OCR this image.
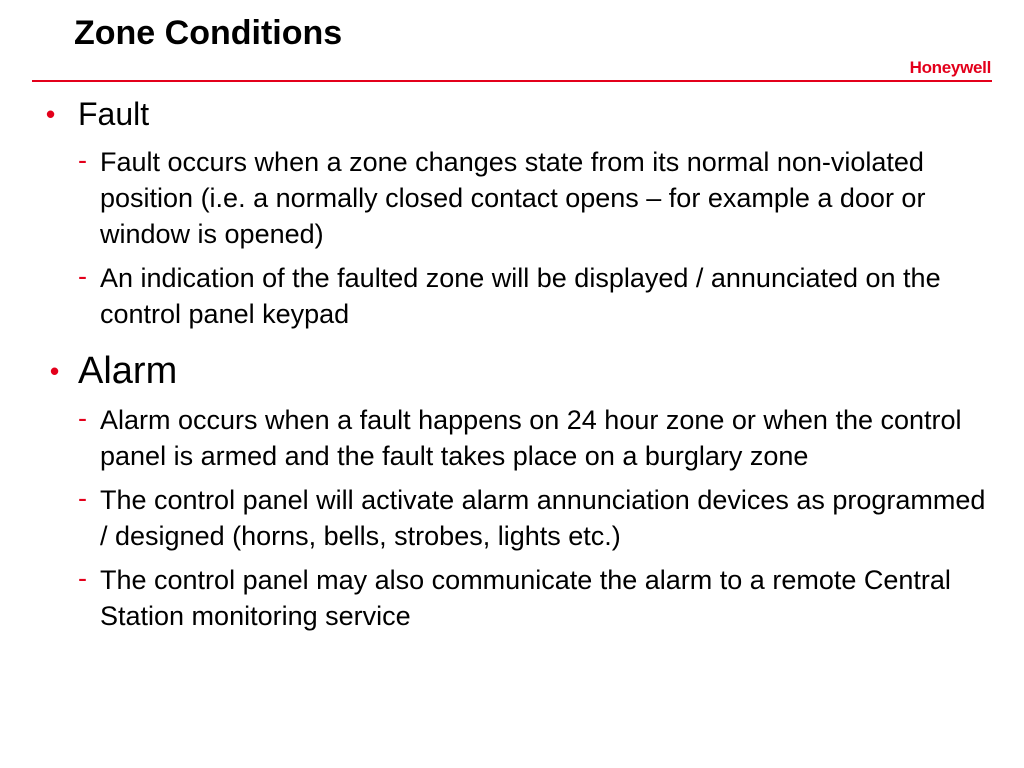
Zone Conditions
Honeywell
• Fault
- Fault occurs when a zone changes state from its normal non-violated position (i.e. a normally closed contact opens – for example a door or window is opened)
- An indication of the faulted zone will be displayed / annunciated on the control panel keypad
• Alarm
- Alarm occurs when a fault happens on 24 hour zone or when the control panel is armed and the fault takes place on a burglary zone
- The control panel will activate alarm annunciation devices as programmed / designed (horns, bells, strobes, lights etc.)
- The control panel may also communicate the alarm to a remote Central Station monitoring service
